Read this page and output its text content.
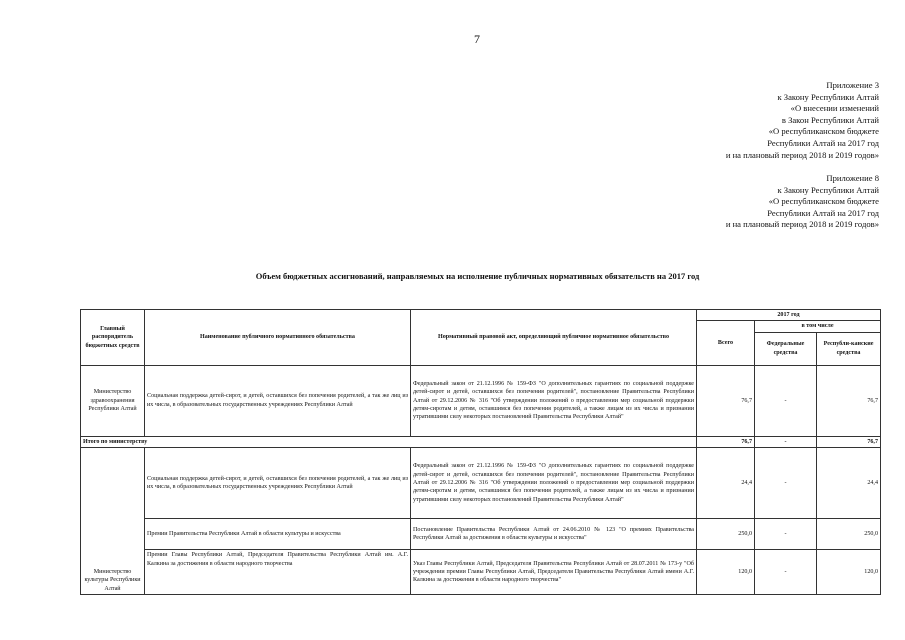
7
Приложение 3
к Закону Республики Алтай
«О внесении изменений
в Закон Республики Алтай
«О республиканском бюджете
Республики Алтай на 2017 год
и на плановый период 2018 и 2019 годов»
Приложение 8
к Закону Республики Алтай
«О республиканском бюджете
Республики Алтай на 2017 год
и на плановый период 2018 и 2019 годов»
Объем бюджетных ассигнований, направляемых на исполнение публичных нормативных обязательств на 2017 год
Главный распорядитель бюджетных средств	Наименование публичного нормативного обязательства	Нормативный правовой акт, определяющий публичное нормативное обязательство	2017 год		
			Всего	в том числе	
				Федеральные средства	Республи-канские средства
Министерство здравоохранения Республики Алтай	Социальная поддержка детей-сирот, и детей, оставшихся без попечения родителей, а так же лиц из их числа, в образовательных государственных учреждениях Республики Алтай	Федеральный закон от 21.12.1996 № 159-ФЗ "О дополнительных гарантиях по социальной поддержке детей-сирот и детей, оставшихся без попечения родителей", постановление Правительства Республики Алтай от 29.12.2006 № 316 "Об утверждении положений о предоставлении мер социальной поддержки детям-сиротам и детям, оставшимся без попечения родителей, а также лицам из их числа и признании утратившими силу некоторых постановлений Правительства Республики Алтай"	76,7	-	76,7
Итого по министерству			76,7	-	76,7
Министерство культуры Республики Алтай	Социальная поддержка детей-сирот, и детей, оставшихся без попечения родителей, а так же лиц из их числа, в образовательных государственных учреждениях Республики Алтай	Федеральный закон от 21.12.1996 № 159-ФЗ "О дополнительных гарантиях по социальной поддержке детей-сирот и детей, оставшихся без попечения родителей", постановление Правительства Республики Алтай от 29.12.2006 № 316 "Об утверждении положений о предоставлении мер социальной поддержки детям-сиротам и детям, оставшимся без попечения родителей, а также лицам из их числа и признании утратившими силу некоторых постановлений Правительства Республики Алтай"	24,4	-	24,4
	Премии Правительства Республики Алтай в области культуры и искусства	Постановление Правительства Республики Алтай от 24.06.2010 № 123 "О премиях Правительства Республики Алтай за достижения в области культуры и искусства"	250,0	-	250,0
	Премии Главы Республики Алтай, Председателя Правительства Республики Алтай им. А.Г. Калкина за достижения в области народного творчества	Указ Главы Республики Алтай, Председателя Правительства Республики Алтай от 28.07.2011 № 173-у "Об учреждении премии Главы Республики Алтай, Председателя Правительства Республики Алтай имени А.Г. Калкина за достижения в области народного творчества"	120,0	-	120,0
